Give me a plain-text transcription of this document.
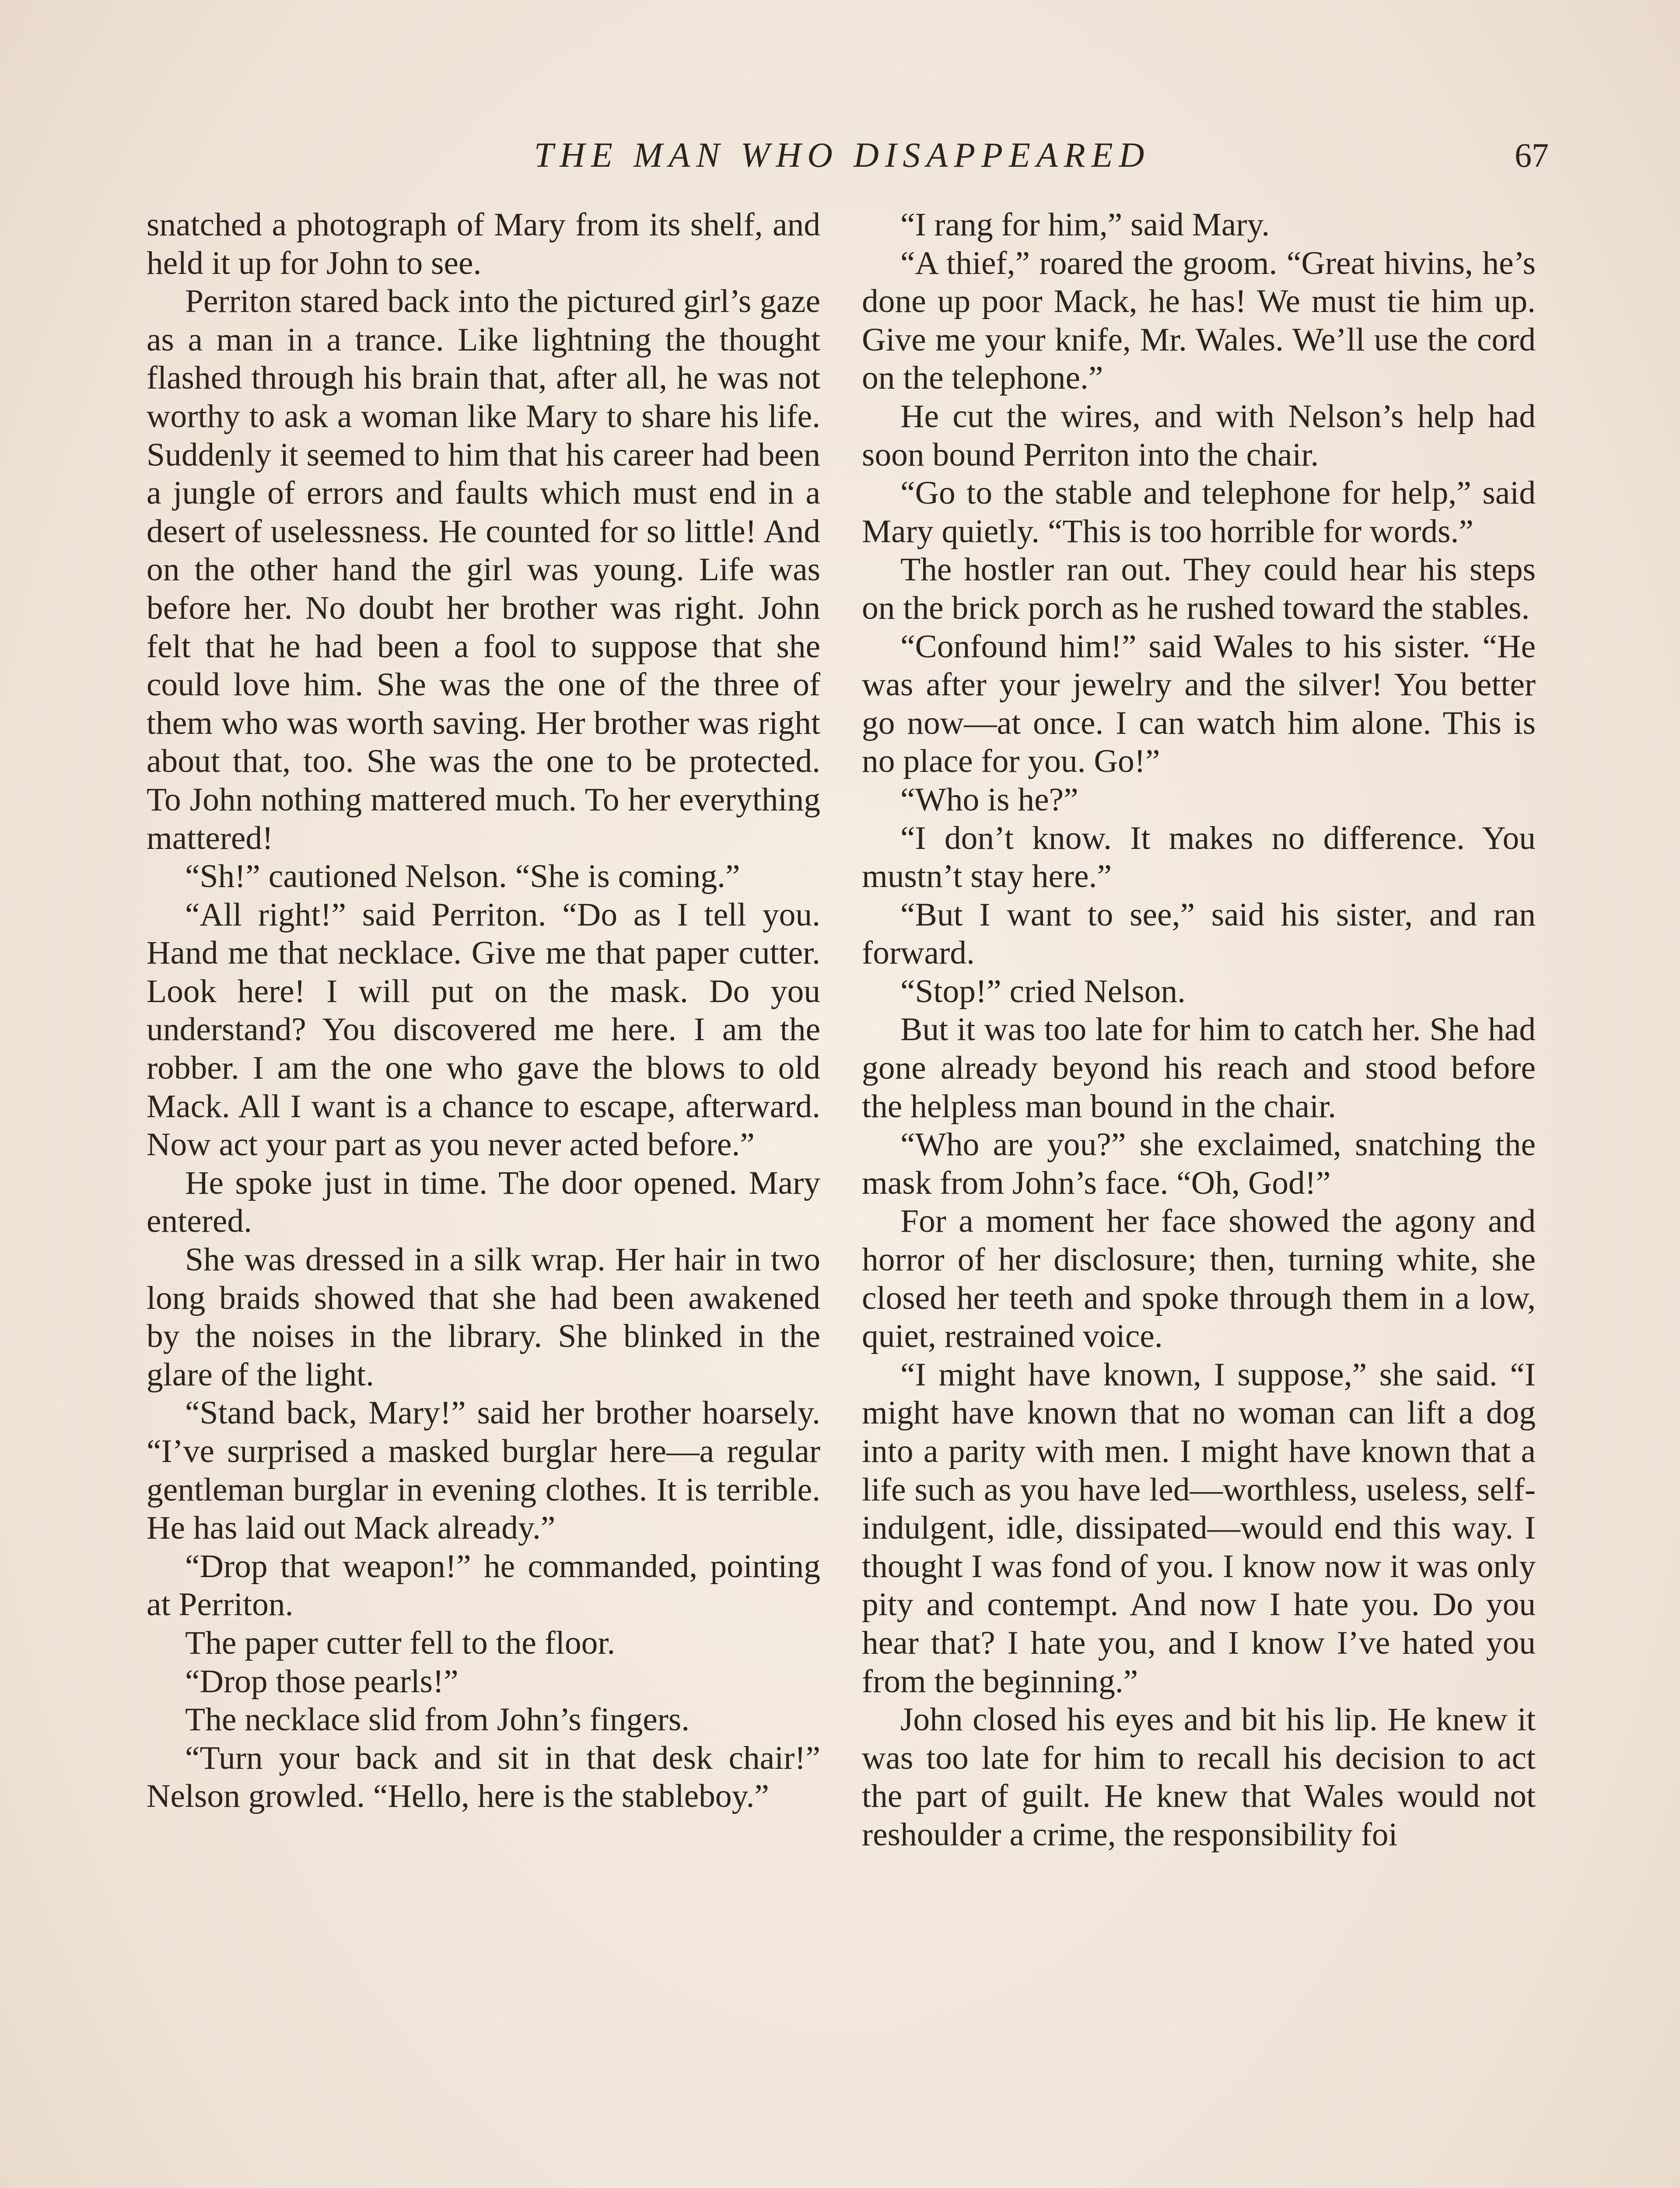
THE MAN WHO DISAPPEARED	67

snatched a photograph of Mary from its shelf, and held it up for John to see.

Perriton stared back into the pictured girl’s gaze as a man in a trance. Like lightning the thought flashed through his brain that, after all, he was not worthy to ask a woman like Mary to share his life. Suddenly it seemed to him that his career had been a jungle of errors and faults which must end in a desert of uselessness. He counted for so little! And on the other hand the girl was young. Life was before her. No doubt her brother was right. John felt that he had been a fool to suppose that she could love him. She was the one of the three of them who was worth saving. Her brother was right about that, too. She was the one to be protected. To John nothing mattered much. To her everything mattered!

“Sh!” cautioned Nelson. “She is coming.”

“All right!” said Perriton. “Do as I tell you. Hand me that necklace. Give me that paper cutter. Look here! I will put on the mask. Do you understand? You discovered me here. I am the robber. I am the one who gave the blows to old Mack. All I want is a chance to escape, afterward. Now act your part as you never acted before.”

He spoke just in time. The door opened. Mary entered.

She was dressed in a silk wrap. Her hair in two long braids showed that she had been awakened by the noises in the library. She blinked in the glare of the light.

“Stand back, Mary!” said her brother hoarsely. “I’ve surprised a masked burglar here—a regular gentleman burglar in evening clothes. It is terrible. He has laid out Mack already.”

“Drop that weapon!” he commanded, pointing at Perriton.

The paper cutter fell to the floor.

“Drop those pearls!”

The necklace slid from John’s fingers.

“Turn your back and sit in that desk chair!” Nelson growled. “Hello, here is the stableboy.”

“I rang for him,” said Mary.

“A thief,” roared the groom. “Great hivins, he’s done up poor Mack, he has! We must tie him up. Give me your knife, Mr. Wales. We’ll use the cord on the telephone.”

He cut the wires, and with Nelson’s help had soon bound Perriton into the chair.

“Go to the stable and telephone for help,” said Mary quietly. “This is too horrible for words.”

The hostler ran out. They could hear his steps on the brick porch as he rushed toward the stables.

“Confound him!” said Wales to his sister. “He was after your jewelry and the silver! You better go now—at once. I can watch him alone. This is no place for you. Go!”

“Who is he?”

“I don’t know. It makes no difference. You mustn’t stay here.”

“But I want to see,” said his sister, and ran forward.

“Stop!” cried Nelson.

But it was too late for him to catch her. She had gone already beyond his reach and stood before the helpless man bound in the chair.

“Who are you?” she exclaimed, snatching the mask from John’s face. “Oh, God!”

For a moment her face showed the agony and horror of her disclosure; then, turning white, she closed her teeth and spoke through them in a low, quiet, restrained voice.

“I might have known, I suppose,” she said. “I might have known that no woman can lift a dog into a parity with men. I might have known that a life such as you have led—worthless, useless, self-indulgent, idle, dissipated—would end this way. I thought I was fond of you. I know now it was only pity and contempt. And now I hate you. Do you hear that? I hate you, and I know I’ve hated you from the beginning.”

John closed his eyes and bit his lip. He knew it was too late for him to recall his decision to act the part of guilt. He knew that Wales would not reshoulder a crime, the responsibility foi
